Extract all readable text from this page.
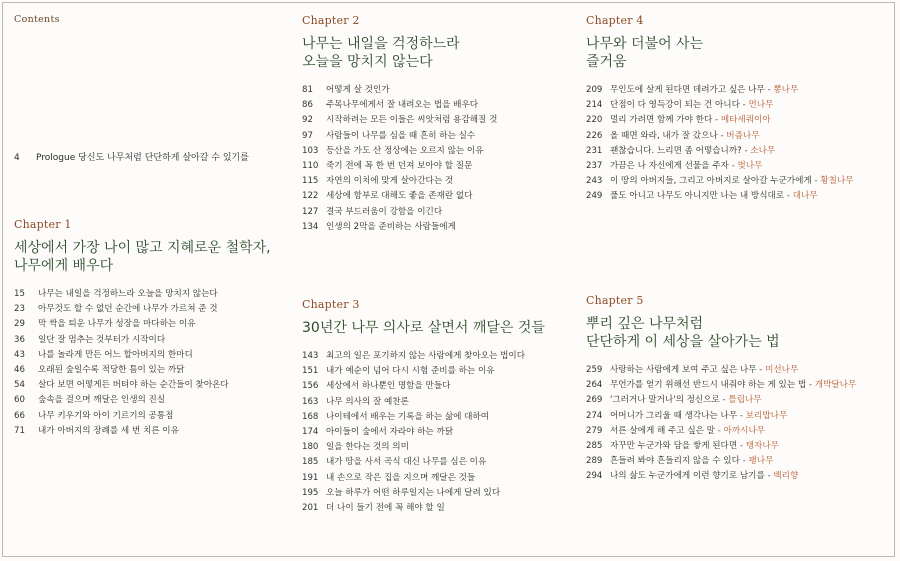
Contents
4 Prologue 당신도 나무처럼 단단하게 살아갈 수 있기를
Chapter 1
세상에서 가장 나이 많고 지혜로운 철학자,
나무에게 배우다
15 나무는 내일을 걱정하느라 오늘을 망치지 않는다
23 아무것도 할 수 없던 순간에 나무가 가르쳐 준 것
29 막 싹을 틔운 나무가 성장을 마다하는 이유
36 일단 잘 멈추는 것부터가 시작이다
43 나를 놀라게 만든 어느 할아버지의 한마디
46 오래된 숲일수록 적당한 틈이 있는 까닭
54 살다 보면 어떻게든 버텨야 하는 순간들이 찾아온다
60 숲속을 걸으며 깨달은 인생의 진실
66 나무 키우기와 아이 기르기의 공통점
71 내가 아버지의 장례를 세 번 치른 이유
Chapter 2
나무는 내일을 걱정하느라
오늘을 망치지 않는다
81 어떻게 살 것인가
86 주목나무에게서 잘 내려오는 법을 배우다
92 시작하려는 모든 이들은 씨앗처럼 용감해질 것
97 사람들이 나무를 심을 때 흔히 하는 실수
103 등산을 가도 산 정상에는 오르지 않는 이유
110 죽기 전에 꼭 한 번 던져 보아야 할 질문
115 자연의 이치에 맞게 살아간다는 것
122 세상에 함부로 대해도 좋을 존재란 없다
127 결국 부드러움이 강함을 이긴다
134 인생의 2막을 준비하는 사람들에게
Chapter 3
30년간 나무 의사로 살면서 깨달은 것들
143 최고의 일은 포기하지 않는 사람에게 찾아오는 법이다
151 내가 예순이 넘어 다시 시험 준비를 하는 이유
156 세상에서 하나뿐인 명함을 만들다
163 나무 의사의 잘 예찬론
168 나이테에서 배우는 기록을 하는 삶에 대하여
174 아이들이 숲에서 자라야 하는 까닭
180 일을 한다는 것의 의미
185 내가 땅을 사서 곡식 대신 나무를 심은 이유
191 내 손으로 작은 집을 지으며 깨달은 것들
195 오늘 하루가 어떤 하루일지는 나에게 달려 있다
201 더 나이 들기 전에 꼭 해야 할 일
Chapter 4
나무와 더불어 사는
즐거움
209 무인도에 살게 된다면 데려가고 싶은 나무 - 뽕나무
214 단점이 다 영득강이 되는 건 아니다 - 먼나무
220 멀리 가려면 함께 가야 한다 - 메타세쿼이아
226 올 때면 와라, 내가 잘 갔으나 - 버즘나무
231 괜찮습니다. 느리면 좀 어떻습니까? - 소나무
237 가끔은 나 자신에게 선물을 주자 - 벚나무
243 이 땅의 아버지들, 그리고 아버지로 살아갈 누군가에게 - 황칠나무
249 풀도 아니고 나무도 아니지만 나는 내 방식대로 - 대나무
Chapter 5
뿌리 깊은 나무처럼
단단하게 이 세상을 살아가는 법
259 사랑하는 사람에게 보여 주고 싶은 나무 - 미선나무
264 무언가를 얻기 위해선 반드시 내줘야 하는 게 있는 법 - 개박달나무
269 '그러거나 말거나'의 정신으로 - 틀립나무
274 어머니가 그리울 때 생각나는 나무 - 보리밥나무
279 서른 살에게 해 주고 싶은 말 - 아까시나무
285 자꾸만 누군가와 담을 쌓게 된다면 - 탱자나무
289 흔들려 봐야 흔들리지 않을 수 있다 - 팽나무
294 나의 삶도 누군가에게 이런 향기로 남기를 - 백리향
